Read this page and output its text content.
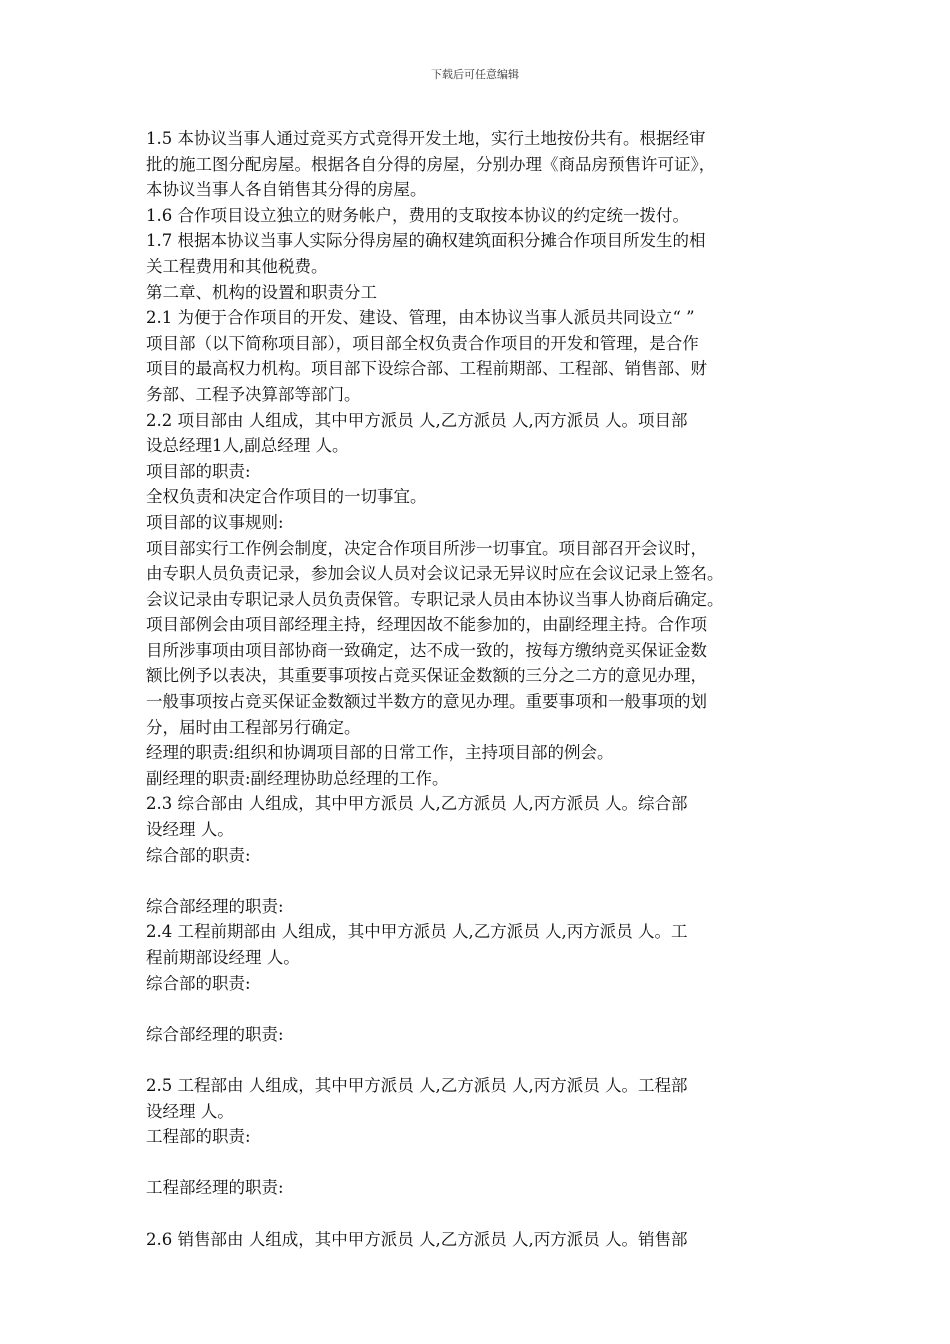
下载后可任意编辑
1.5 本协议当事人通过竞买方式竞得开发土地，实行土地按份共有。根据经审
批的施工图分配房屋。根据各自分得的房屋，分别办理《商品房预售许可证》，
本协议当事人各自销售其分得的房屋。
1.6 合作项目设立独立的财务帐户，费用的支取按本协议的约定统一拨付。
1.7 根据本协议当事人实际分得房屋的确权建筑面积分摊合作项目所发生的相
关工程费用和其他税费。
第二章、机构的设置和职责分工
2.1 为便于合作项目的开发、建设、管理，由本协议当事人派员共同设立“ ”
项目部（以下简称项目部），项目部全权负责合作项目的开发和管理，是合作
项目的最高权力机构。项目部下设综合部、工程前期部、工程部、销售部、财
务部、工程予决算部等部门。
2.2 项目部由 人组成，其中甲方派员 人,乙方派员 人,丙方派员 人。项目部
设总经理1人,副总经理 人。
项目部的职责:
全权负责和决定合作项目的一切事宜。
项目部的议事规则:
项目部实行工作例会制度，决定合作项目所涉一切事宜。项目部召开会议时，
由专职人员负责记录，参加会议人员对会议记录无异议时应在会议记录上签名。
会议记录由专职记录人员负责保管。专职记录人员由本协议当事人协商后确定。
项目部例会由项目部经理主持，经理因故不能参加的，由副经理主持。合作项
目所涉事项由项目部协商一致确定，达不成一致的，按每方缴纳竞买保证金数
额比例予以表决，其重要事项按占竞买保证金数额的三分之二方的意见办理，
一般事项按占竞买保证金数额过半数方的意见办理。重要事项和一般事项的划
分，届时由工程部另行确定。
经理的职责:组织和协调项目部的日常工作，主持项目部的例会。
副经理的职责:副经理协助总经理的工作。
2.3 综合部由 人组成，其中甲方派员 人,乙方派员 人,丙方派员 人。综合部
设经理 人。
综合部的职责:
综合部经理的职责:
2.4 工程前期部由 人组成，其中甲方派员 人,乙方派员 人,丙方派员 人。工
程前期部设经理 人。
综合部的职责:
综合部经理的职责:
2.5 工程部由 人组成，其中甲方派员 人,乙方派员 人,丙方派员 人。工程部
设经理 人。
工程部的职责:
工程部经理的职责:
2.6 销售部由 人组成，其中甲方派员 人,乙方派员 人,丙方派员 人。销售部
